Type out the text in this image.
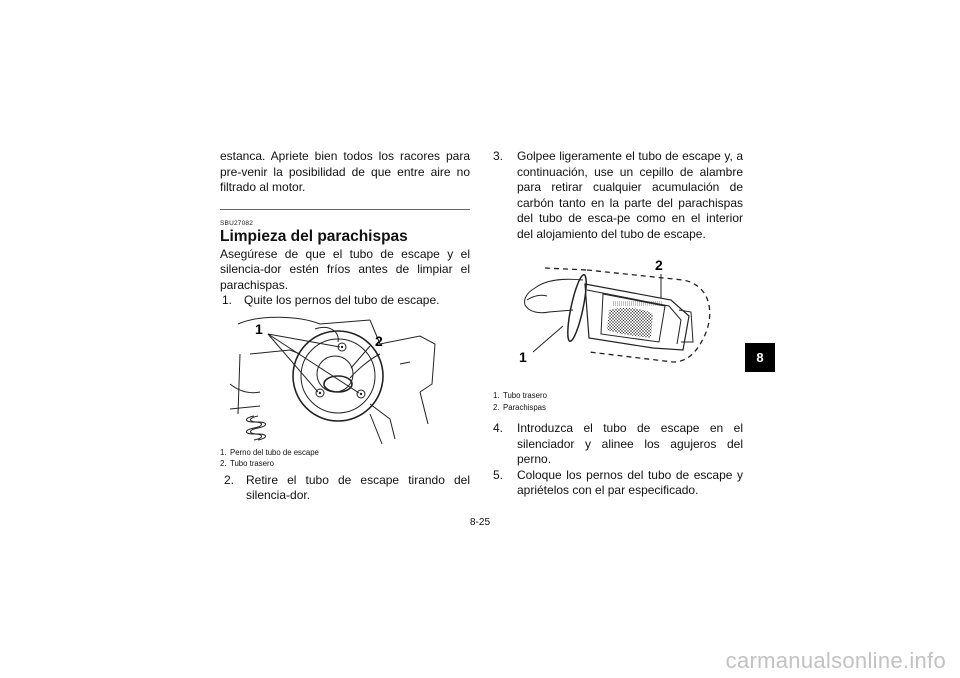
estanca. Apriete bien todos los racores para pre-venir la posibilidad de que entre aire no filtrado al motor.
SBU27082
Limpieza del parachispas
Asegúrese de que el tubo de escape y el silencia-dor estén fríos antes de limpiar el parachispas.
1. Quite los pernos del tubo de escape.
1
2
1. Perno del tubo de escape
2. Tubo trasero
2. Retire el tubo de escape tirando del silencia-dor.
3.	Golpee ligeramente el tubo de escape y, a continuación, use un cepillo de alambre para retirar cualquier acumulación de carbón tanto en la parte del parachispas del tubo de esca-pe como en el interior del alojamiento del tubo de escape.
1
2
1. Tubo trasero
2. Parachispas
4.	Introduzca el tubo de escape en el silenciador y alinee los agujeros del perno.
5.	Coloque los pernos del tubo de escape y apriételos con el par especificado.
8
8-25
carmanualsonline.info
